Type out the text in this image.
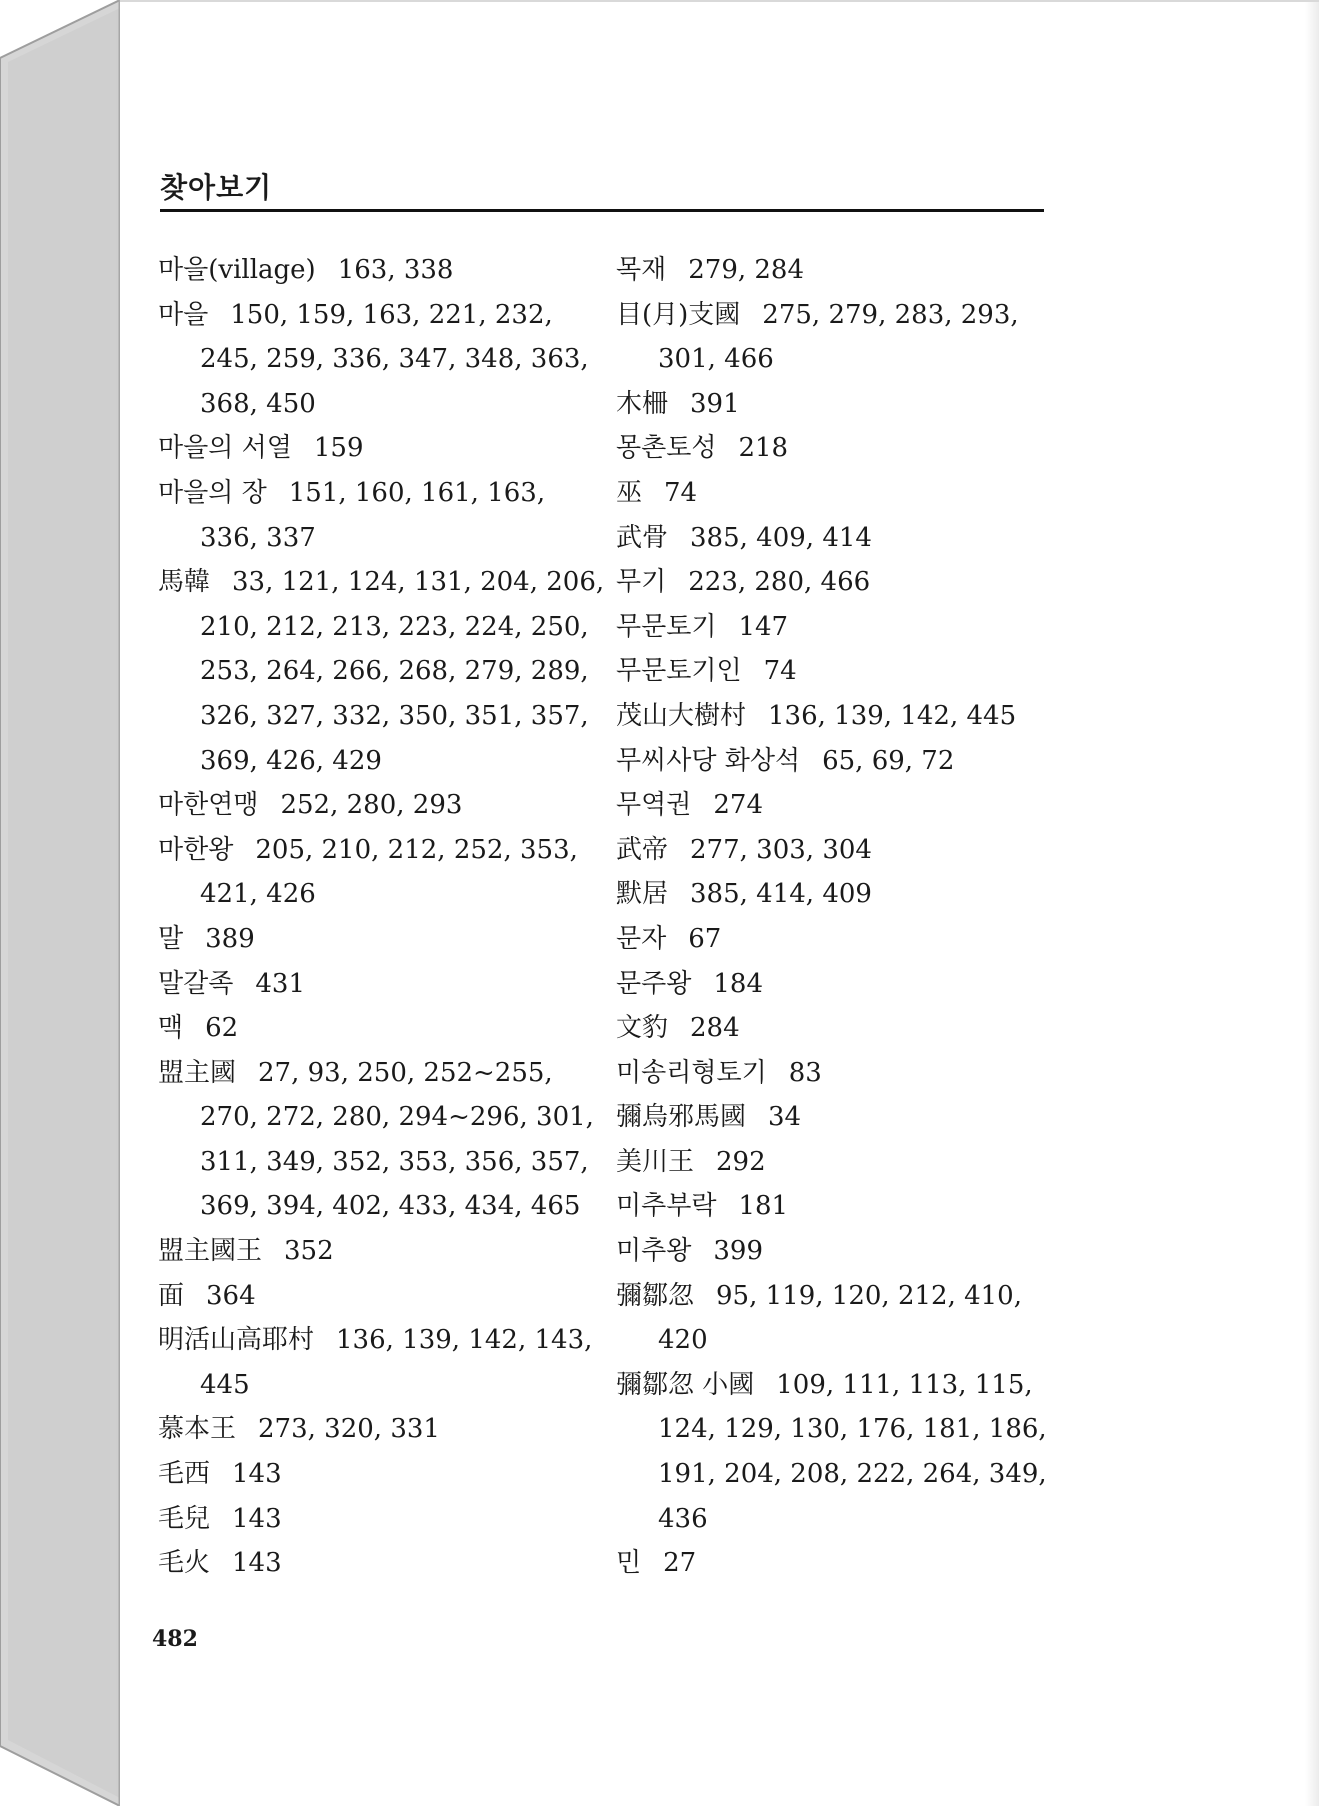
찾아보기
마을(village) 163, 338
마을 150, 159, 163, 221, 232,
245, 259, 336, 347, 348, 363,
368, 450
마을의 서열 159
마을의 장 151, 160, 161, 163,
336, 337
馬韓 33, 121, 124, 131, 204, 206,
210, 212, 213, 223, 224, 250,
253, 264, 266, 268, 279, 289,
326, 327, 332, 350, 351, 357,
369, 426, 429
마한연맹 252, 280, 293
마한왕 205, 210, 212, 252, 353,
421, 426
말 389
말갈족 431
맥 62
盟主國 27, 93, 250, 252~255,
270, 272, 280, 294~296, 301,
311, 349, 352, 353, 356, 357,
369, 394, 402, 433, 434, 465
盟主國王 352
面 364
明活山高耶村 136, 139, 142, 143,
445
慕本王 273, 320, 331
毛西 143
毛兒 143
毛火 143
목재 279, 284
目(月)支國 275, 279, 283, 293,
301, 466
木柵 391
몽촌토성 218
巫 74
武骨 385, 409, 414
무기 223, 280, 466
무문토기 147
무문토기인 74
茂山大樹村 136, 139, 142, 445
무씨사당 화상석 65, 69, 72
무역권 274
武帝 277, 303, 304
默居 385, 414, 409
문자 67
문주왕 184
文豹 284
미송리형토기 83
彌烏邪馬國 34
美川王 292
미추부락 181
미추왕 399
彌鄒忽 95, 119, 120, 212, 410,
420
彌鄒忽 小國 109, 111, 113, 115,
124, 129, 130, 176, 181, 186,
191, 204, 208, 222, 264, 349,
436
민 27
482
